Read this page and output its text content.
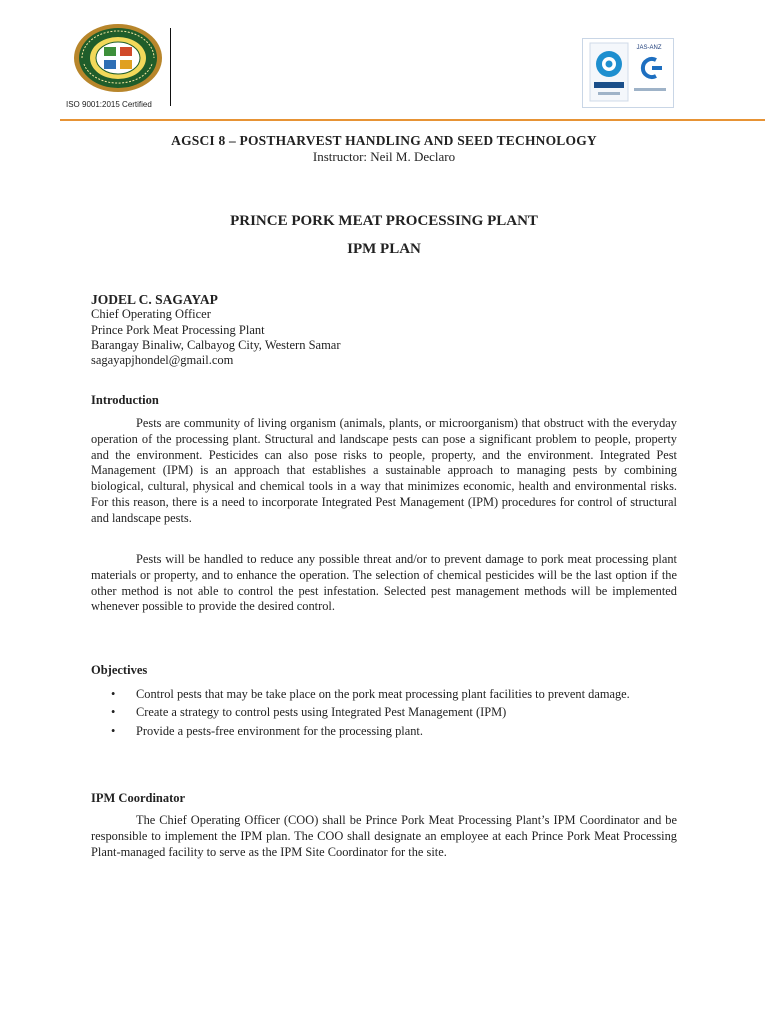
ISO 9001:2015 Certified
JAS-ANZ
AGSCI 8 – POSTHARVEST HANDLING AND SEED TECHNOLOGY
Instructor: Neil M. Declaro
PRINCE PORK MEAT PROCESSING PLANT
IPM PLAN
JODEL C. SAGAYAP
Chief Operating Officer
Prince Pork Meat Processing Plant
Barangay Binaliw, Calbayog City, Western Samar
sagayapjhondel@gmail.com
Introduction

Pests are community of living organism (animals, plants, or microorganism) that obstruct with the everyday operation of the processing plant. Structural and landscape pests can pose a significant problem to people, property and the environment. Pesticides can also pose risks to people, property, and the environment. Integrated Pest Management (IPM) is an approach that establishes a sustainable approach to managing pests by combining biological, cultural, physical and chemical tools in a way that minimizes economic, health and environmental risks. For this reason, there is a need to incorporate Integrated Pest Management (IPM) procedures for control of structural and landscape pests.

Pests will be handled to reduce any possible threat and/or to prevent damage to pork meat processing plant materials or property, and to enhance the operation. The selection of chemical pesticides will be the last option if the other method is not able to control the pest infestation. Selected pest management methods will be implemented whenever possible to provide the desired control.

Objectives
• Control pests that may be take place on the pork meat processing plant facilities to prevent damage.
• Create a strategy to control pests using Integrated Pest Management (IPM)
• Provide a pests-free environment for the processing plant.
IPM Coordinator

The Chief Operating Officer (COO) shall be Prince Pork Meat Processing Plant’s IPM Coordinator and be responsible to implement the IPM plan. The COO shall designate an employee at each Prince Pork Meat Processing Plant-managed facility to serve as the IPM Site Coordinator for the site.
